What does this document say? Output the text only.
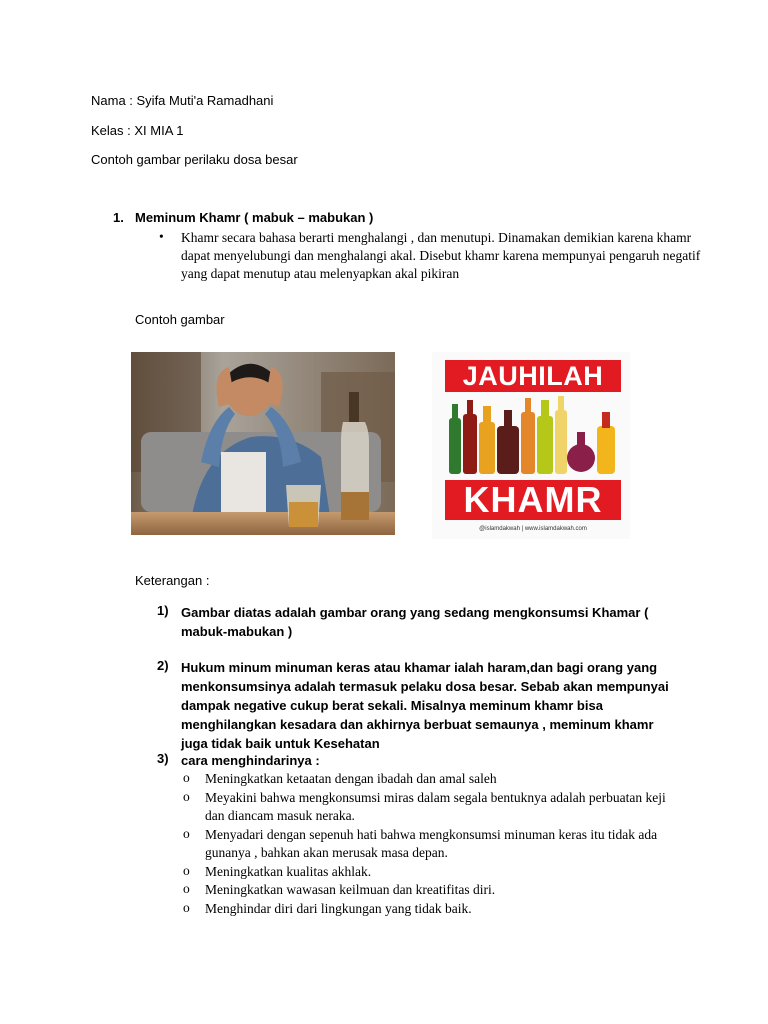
Nama : Syifa Muti'a Ramadhani
Kelas : XI MIA 1
Contoh gambar perilaku dosa besar
1. Meminum Khamr ( mabuk – mabukan )
• Khamr secara bahasa berarti menghalangi , dan menutupi. Dinamakan demikian karena khamr dapat menyelubungi dan menghalangi akal. Disebut khamr karena mempunyai pengaruh negatif yang dapat menutup atau melenyapkan akal pikiran
Contoh gambar
JAUHILAH
KHAMR
@islamdakwah | www.islamdakwah.com
Keterangan :
1) Gambar diatas adalah gambar orang yang sedang mengkonsumsi Khamar ( mabuk-mabukan )
2) Hukum minum minuman keras atau khamar ialah haram,dan bagi orang yang menkonsumsinya adalah termasuk pelaku dosa besar. Sebab akan mempunyai dampak negative cukup berat sekali. Misalnya meminum khamr bisa menghilangkan kesadara dan akhirnya berbuat semaunya , meminum khamr juga tidak baik untuk Kesehatan
3) cara menghindarinya :
o Meningkatkan ketaatan dengan ibadah dan amal saleh
o Meyakini bahwa mengkonsumsi miras dalam segala bentuknya adalah perbuatan keji dan diancam masuk neraka.
o Menyadari dengan sepenuh hati bahwa mengkonsumsi minuman keras itu tidak ada gunanya , bahkan akan merusak masa depan.
o Meningkatkan kualitas akhlak.
o Meningkatkan wawasan keilmuan dan kreatifitas diri.
o Menghindar diri dari lingkungan yang tidak baik.
